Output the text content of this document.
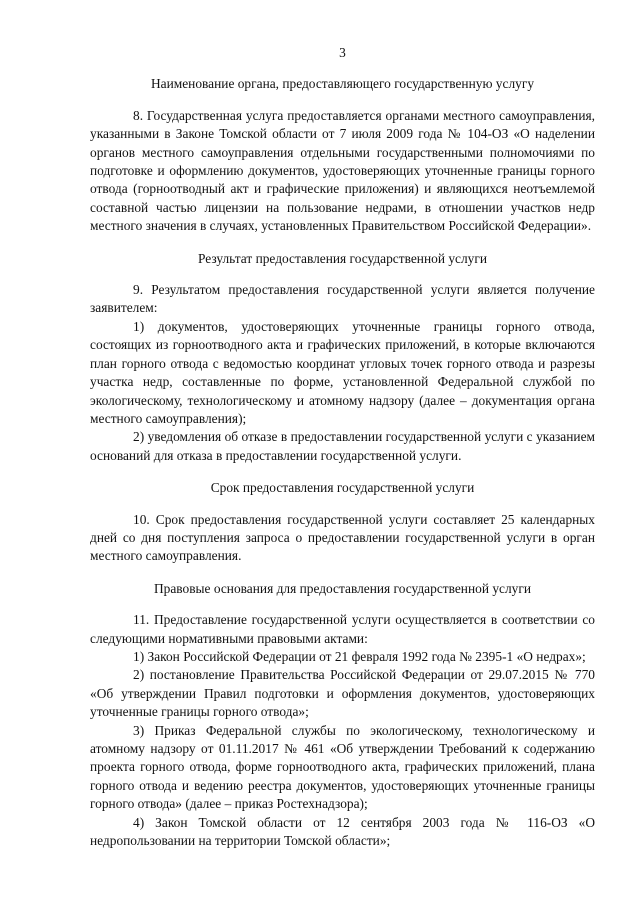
3
Наименование органа, предоставляющего государственную услугу

8. Государственная услуга предоставляется органами местного самоуправления, указанными в Законе Томской области от 7 июля 2009 года № 104-ОЗ «О наделении органов местного самоуправления отдельными государственными полномочиями по подготовке и оформлению документов, удостоверяющих уточненные границы горного отвода (горноотводный акт и графические приложения) и являющихся неотъемлемой составной частью лицензии на пользование недрами, в отношении участков недр местного значения в случаях, установленных Правительством Российской Федерации».

Результат предоставления государственной услуги

9. Результатом предоставления государственной услуги является получение заявителем:

1) документов, удостоверяющих уточненные границы горного отвода, состоящих из горноотводного акта и графических приложений, в которые включаются план горного отвода с ведомостью координат угловых точек горного отвода и разрезы участка недр, составленные по форме, установленной Федеральной службой по экологическому, технологическому и атомному надзору (далее – документация органа местного самоуправления);

2) уведомления об отказе в предоставлении государственной услуги с указанием оснований для отказа в предоставлении государственной услуги.

Срок предоставления государственной услуги

10. Срок предоставления государственной услуги составляет 25 календарных дней со дня поступления запроса о предоставлении государственной услуги в орган местного самоуправления.

Правовые основания для предоставления государственной услуги

11. Предоставление государственной услуги осуществляется в соответствии со следующими нормативными правовыми актами:

1) Закон Российской Федерации от 21 февраля 1992 года № 2395-1 «О недрах»;

2) постановление Правительства Российской Федерации от 29.07.2015 № 770 «Об утверждении Правил подготовки и оформления документов, удостоверяющих уточненные границы горного отвода»;

3) Приказ Федеральной службы по экологическому, технологическому и атомному надзору от 01.11.2017 № 461 «Об утверждении Требований к содержанию проекта горного отвода, форме горноотводного акта, графических приложений, плана горного отвода и ведению реестра документов, удостоверяющих уточненные границы горного отвода» (далее – приказ Ростехнадзора);

4) Закон Томской области от 12 сентября 2003 года № 116-ОЗ «О недропользовании на территории Томской области»;
